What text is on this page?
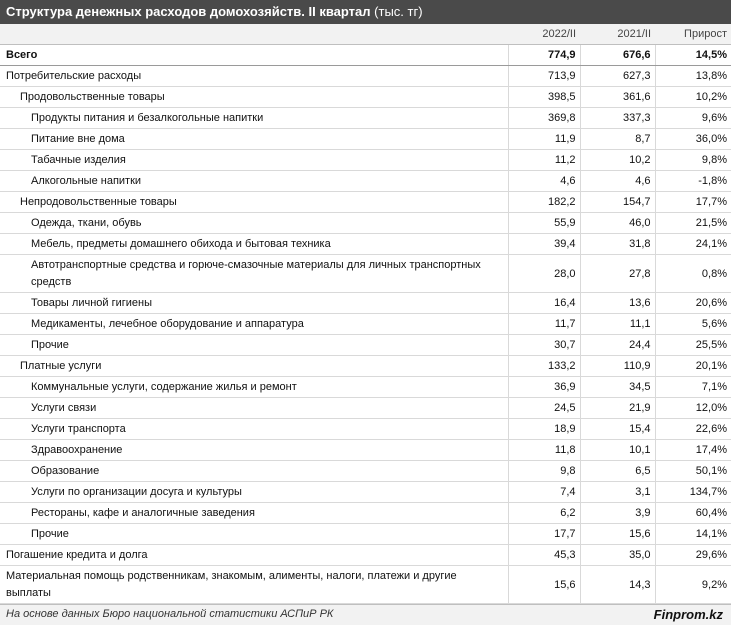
Структура денежных расходов домохозяйств. II квартал (тыс. тг)
	2022/II	2021/II	Прирост
Всего	774,9	676,6	14,5%
Потребительские расходы	713,9	627,3	13,8%
Продовольственные товары	398,5	361,6	10,2%
Продукты питания и безалкогольные напитки	369,8	337,3	9,6%
Питание вне дома	11,9	8,7	36,0%
Табачные изделия	11,2	10,2	9,8%
Алкогольные напитки	4,6	4,6	-1,8%
Непродовольственные товары	182,2	154,7	17,7%
Одежда, ткани, обувь	55,9	46,0	21,5%
Мебель, предметы домашнего обихода и бытовая техника	39,4	31,8	24,1%
Автотранспортные средства и горюче-смазочные материалы для личных транспортных средств	28,0	27,8	0,8%
Товары личной гигиены	16,4	13,6	20,6%
Медикаменты, лечебное оборудование и аппаратура	11,7	11,1	5,6%
Прочие	30,7	24,4	25,5%
Платные услуги	133,2	110,9	20,1%
Коммунальные услуги, содержание жилья и ремонт	36,9	34,5	7,1%
Услуги связи	24,5	21,9	12,0%
Услуги транспорта	18,9	15,4	22,6%
Здравоохранение	11,8	10,1	17,4%
Образование	9,8	6,5	50,1%
Услуги по организации досуга и культуры	7,4	3,1	134,7%
Рестораны, кафе и аналогичные заведения	6,2	3,9	60,4%
Прочие	17,7	15,6	14,1%
Погашение кредита и долга	45,3	35,0	29,6%
Материальная помощь родственникам, знакомым, алименты, налоги, платежи и другие выплаты	15,6	14,3	9,2%
На основе данных Бюро национальной статистики АСПиР РК	Finprom.kz
